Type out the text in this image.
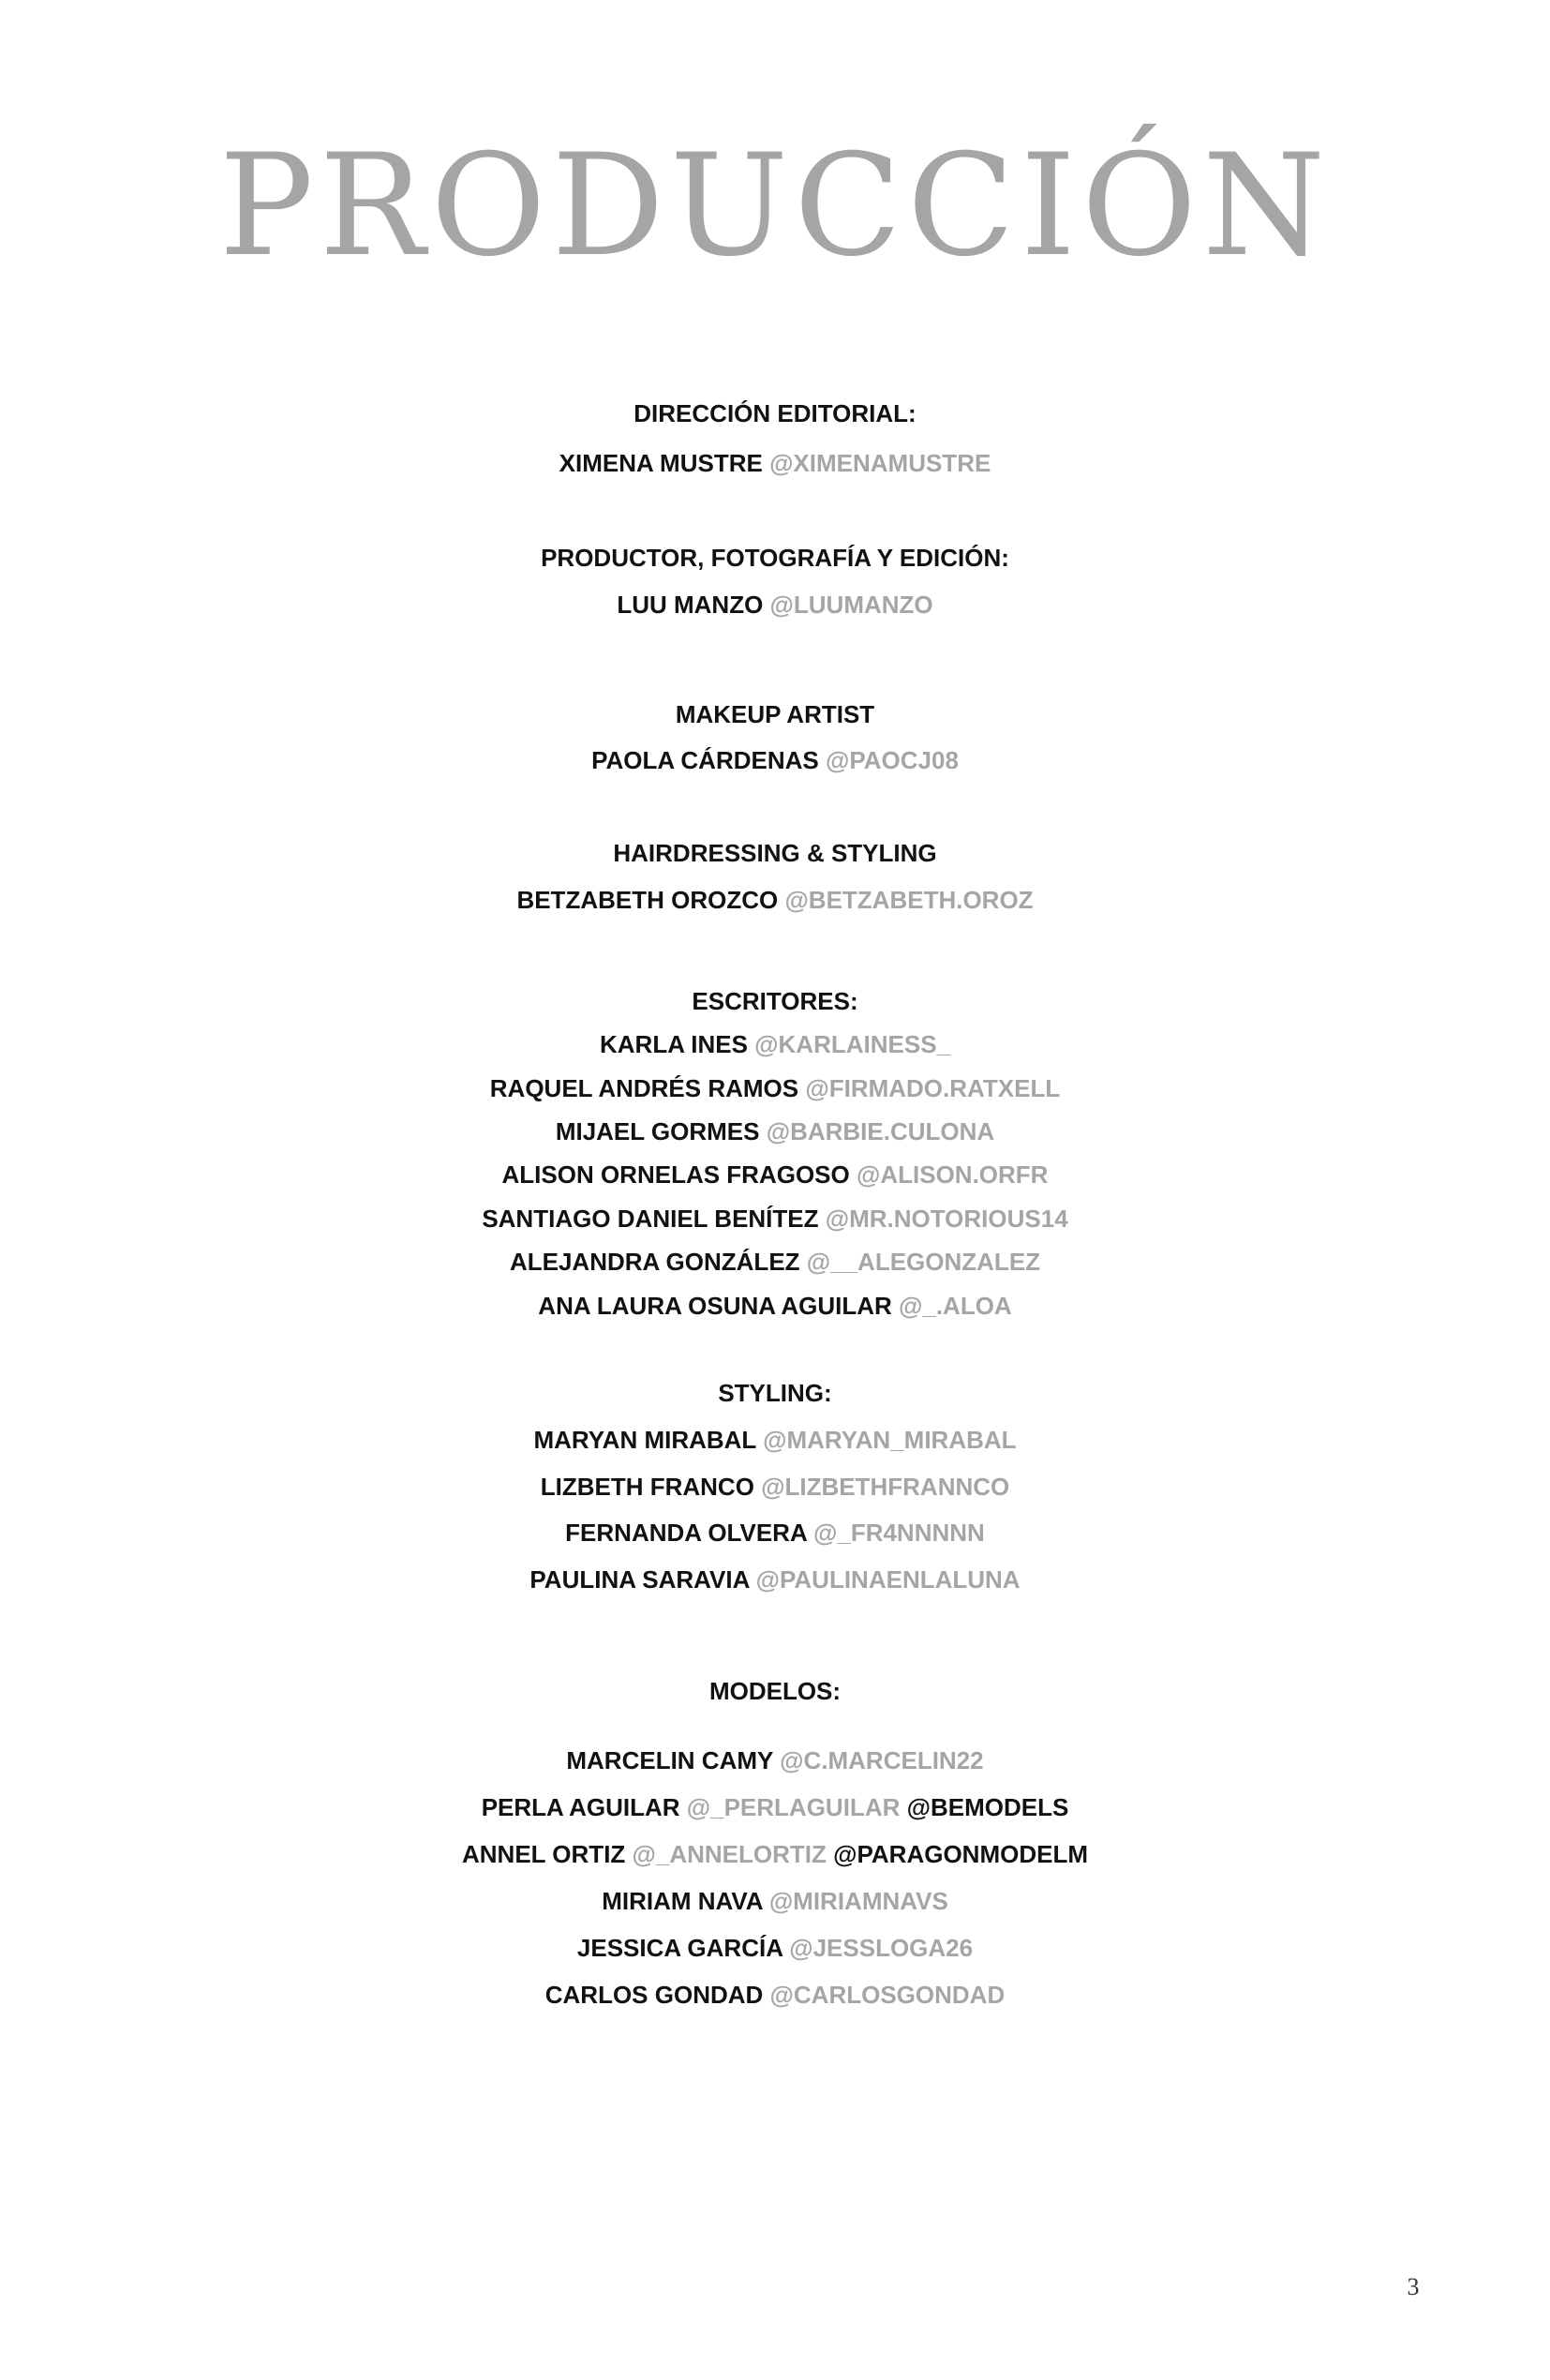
PRODUCCIÓN
DIRECCIÓN EDITORIAL:
XIMENA MUSTRE @XIMENAMUSTRE
PRODUCTOR, FOTOGRAFÍA Y EDICIÓN:
LUU MANZO @LUUMANZO
MAKEUP ARTIST
PAOLA CÁRDENAS @PAOCJ08
HAIRDRESSING & STYLING
BETZABETH OROZCO @BETZABETH.OROZ
ESCRITORES:
KARLA INES @KARLAINESS_
RAQUEL ANDRÉS RAMOS @FIRMADO.RATXELL
MIJAEL GORMES @BARBIE.CULONA
ALISON ORNELAS FRAGOSO @ALISON.ORFR
SANTIAGO DANIEL BENÍTEZ @MR.NOTORIOUS14
ALEJANDRA GONZÁLEZ @__ALEGONZALEZ
ANA LAURA OSUNA AGUILAR @_.ALOA
STYLING:
MARYAN MIRABAL @MARYAN_MIRABAL
LIZBETH FRANCO @LIZBETHFRANNCO
FERNANDA OLVERA @_FR4NNNNN
PAULINA SARAVIA @PAULINAENLALUNA
MODELOS:
MARCELIN CAMY @C.MARCELIN22
PERLA AGUILAR @_PERLAGUILAR @BEMODELS
ANNEL ORTIZ @_ANNELORTIZ @PARAGONMODELM
MIRIAM NAVA @MIRIAMNAVS
JESSICA GARCÍA @JESSLOGA26
CARLOS GONDAD @CARLOSGONDAD
3
